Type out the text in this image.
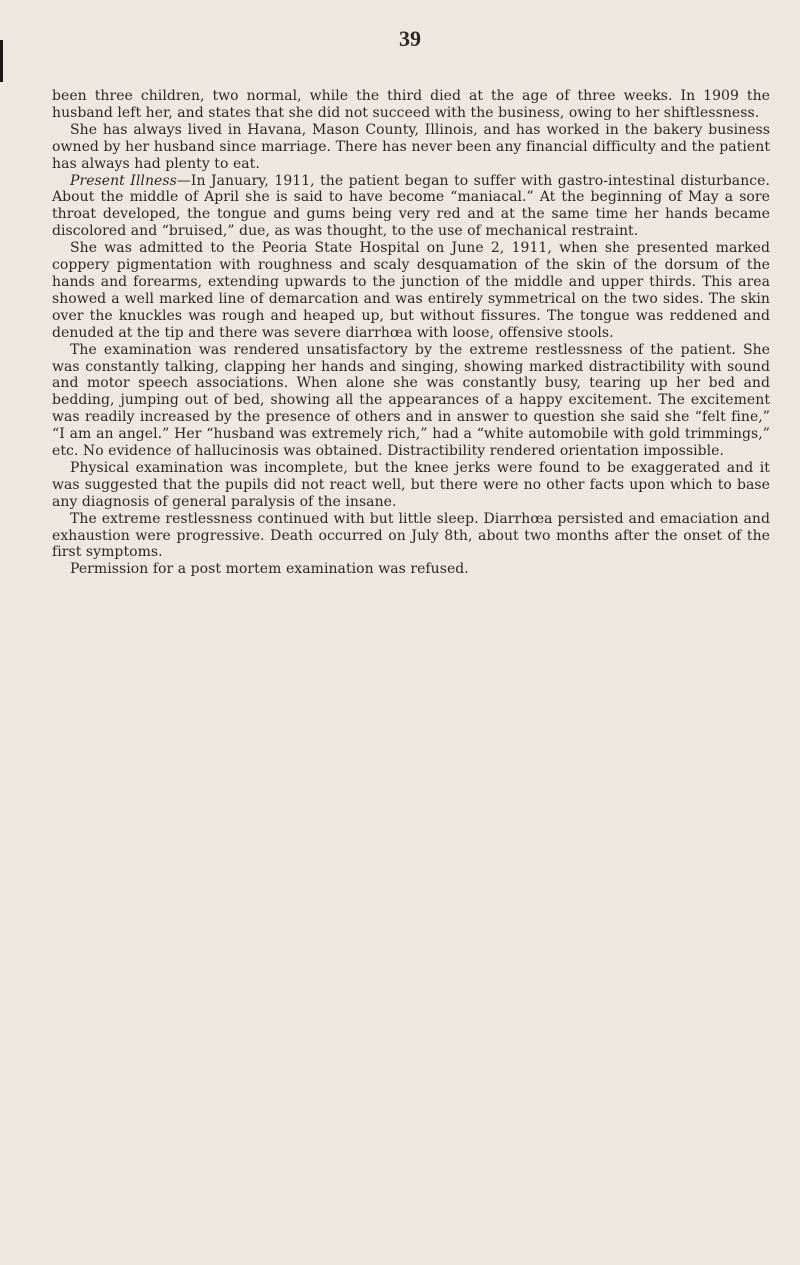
39

been three children, two normal, while the third died at the age of three weeks. In 1909 the husband left her, and states that she did not succeed with the business, owing to her shiftlessness.

She has always lived in Havana, Mason County, Illinois, and has worked in the bakery business owned by her husband since marriage. There has never been any financial difficulty and the patient has always had plenty to eat.

Present Illness—In January, 1911, the patient began to suffer with gastro-intestinal disturbance. About the middle of April she is said to have become “maniacal.” At the beginning of May a sore throat developed, the tongue and gums being very red and at the same time her hands became discolored and “bruised,” due, as was thought, to the use of mechanical restraint.

She was admitted to the Peoria State Hospital on June 2, 1911, when she presented marked coppery pigmentation with roughness and scaly desquamation of the skin of the dorsum of the hands and forearms, extending upwards to the junction of the middle and upper thirds. This area showed a well marked line of demarcation and was entirely symmetrical on the two sides. The skin over the knuckles was rough and heaped up, but without fissures. The tongue was reddened and denuded at the tip and there was severe diarrhœa with loose, offensive stools.

The examination was rendered unsatisfactory by the extreme restlessness of the patient. She was constantly talking, clapping her hands and singing, showing marked distractibility with sound and motor speech associations. When alone she was constantly busy, tearing up her bed and bedding, jumping out of bed, showing all the appearances of a happy excitement. The excitement was readily increased by the presence of others and in answer to question she said she “felt fine,” “I am an angel.” Her “husband was extremely rich,” had a “white automobile with gold trimmings,” etc. No evidence of hallucinosis was obtained. Distractibility rendered orientation impossible.

Physical examination was incomplete, but the knee jerks were found to be exaggerated and it was suggested that the pupils did not react well, but there were no other facts upon which to base any diagnosis of general paralysis of the insane.

The extreme restlessness continued with but little sleep. Diarrhœa persisted and emaciation and exhaustion were progressive. Death occurred on July 8th, about two months after the onset of the first symptoms.

Permission for a post mortem examination was refused.
